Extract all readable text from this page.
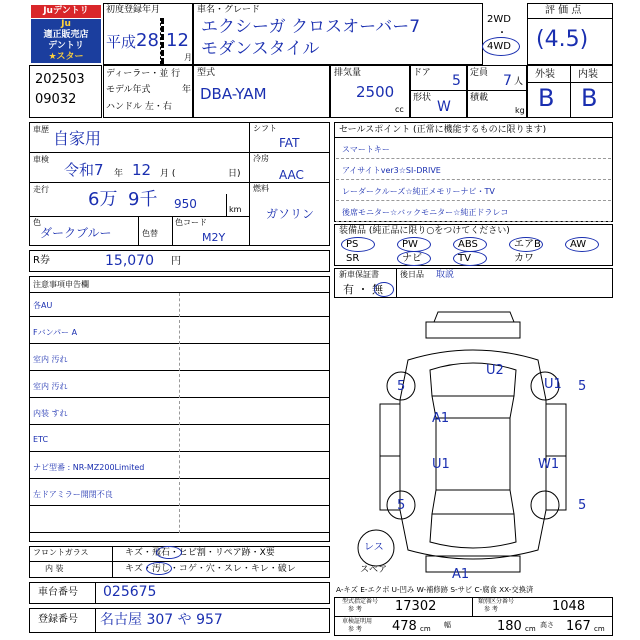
Juデントリ
Ju
適正販売店
デントリ
★スター
初度登録年月
平成 28 12
月
車名・グレード
エクシーガ クロスオーバー7
モダンスタイル
2WD
・
4WD
評 価 点
(4.5)
202503
09032
ディーラー・並 行
モデル年式	年
ハンドル 左・右
型式
DBA-YAM
排気量
2500
cc
ドア 5
形状
W
定員 7 人
積載
kg
外装 内装
B B
車歴 自家用
シフト
FAT
車検
令和7 年 12 月 (	日)
冷房
AAC
走行 6万 9千 950	km
燃料
ガソリン
色
ダークブルー	色替
色コード
M2Y
R券	15,070 円
注意事項申告欄
各AU
Fバンパー A
室内 汚れ
室内 汚れ
内装 すれ
ETC
ナビ型番 : NR-MZ200Limited
左ドアミラー開閉不良
フロントガラス	キズ・飛石・ヒビ割・リペア跡・X要
内 装	キズ・汚し・コゲ・穴・スレ・キレ・破レ
車台番号 025675
登録番号 名古屋 307 や 957
セールスポイント (正常に機能するものに限ります)
スマートキー
アイサイトver3☆SI-DRIVE
レーダークルーズ☆純正メモリーナビ・TV
後席モニター☆バックモニター☆純正ドラレコ
装備品 (純正品に限り○をつけてください)
PS	PW	ABS	エアB	AW
SR	ナビ	TV	カワ
新車保証書
有 ・ 無
後日品 取説
U2
U1
A1
U1	W1
A1
5	5
5	5
レス
スペア
A-キズ E-エクボ U-凹み W-補修跡 S-サビ C-腐食 XX-交換済
型式指定番号
参 考	17302	類別区分番号
参 考	1048
車検証明用
参 考 478 cm 幅	180 cm 高さ 167 cm
